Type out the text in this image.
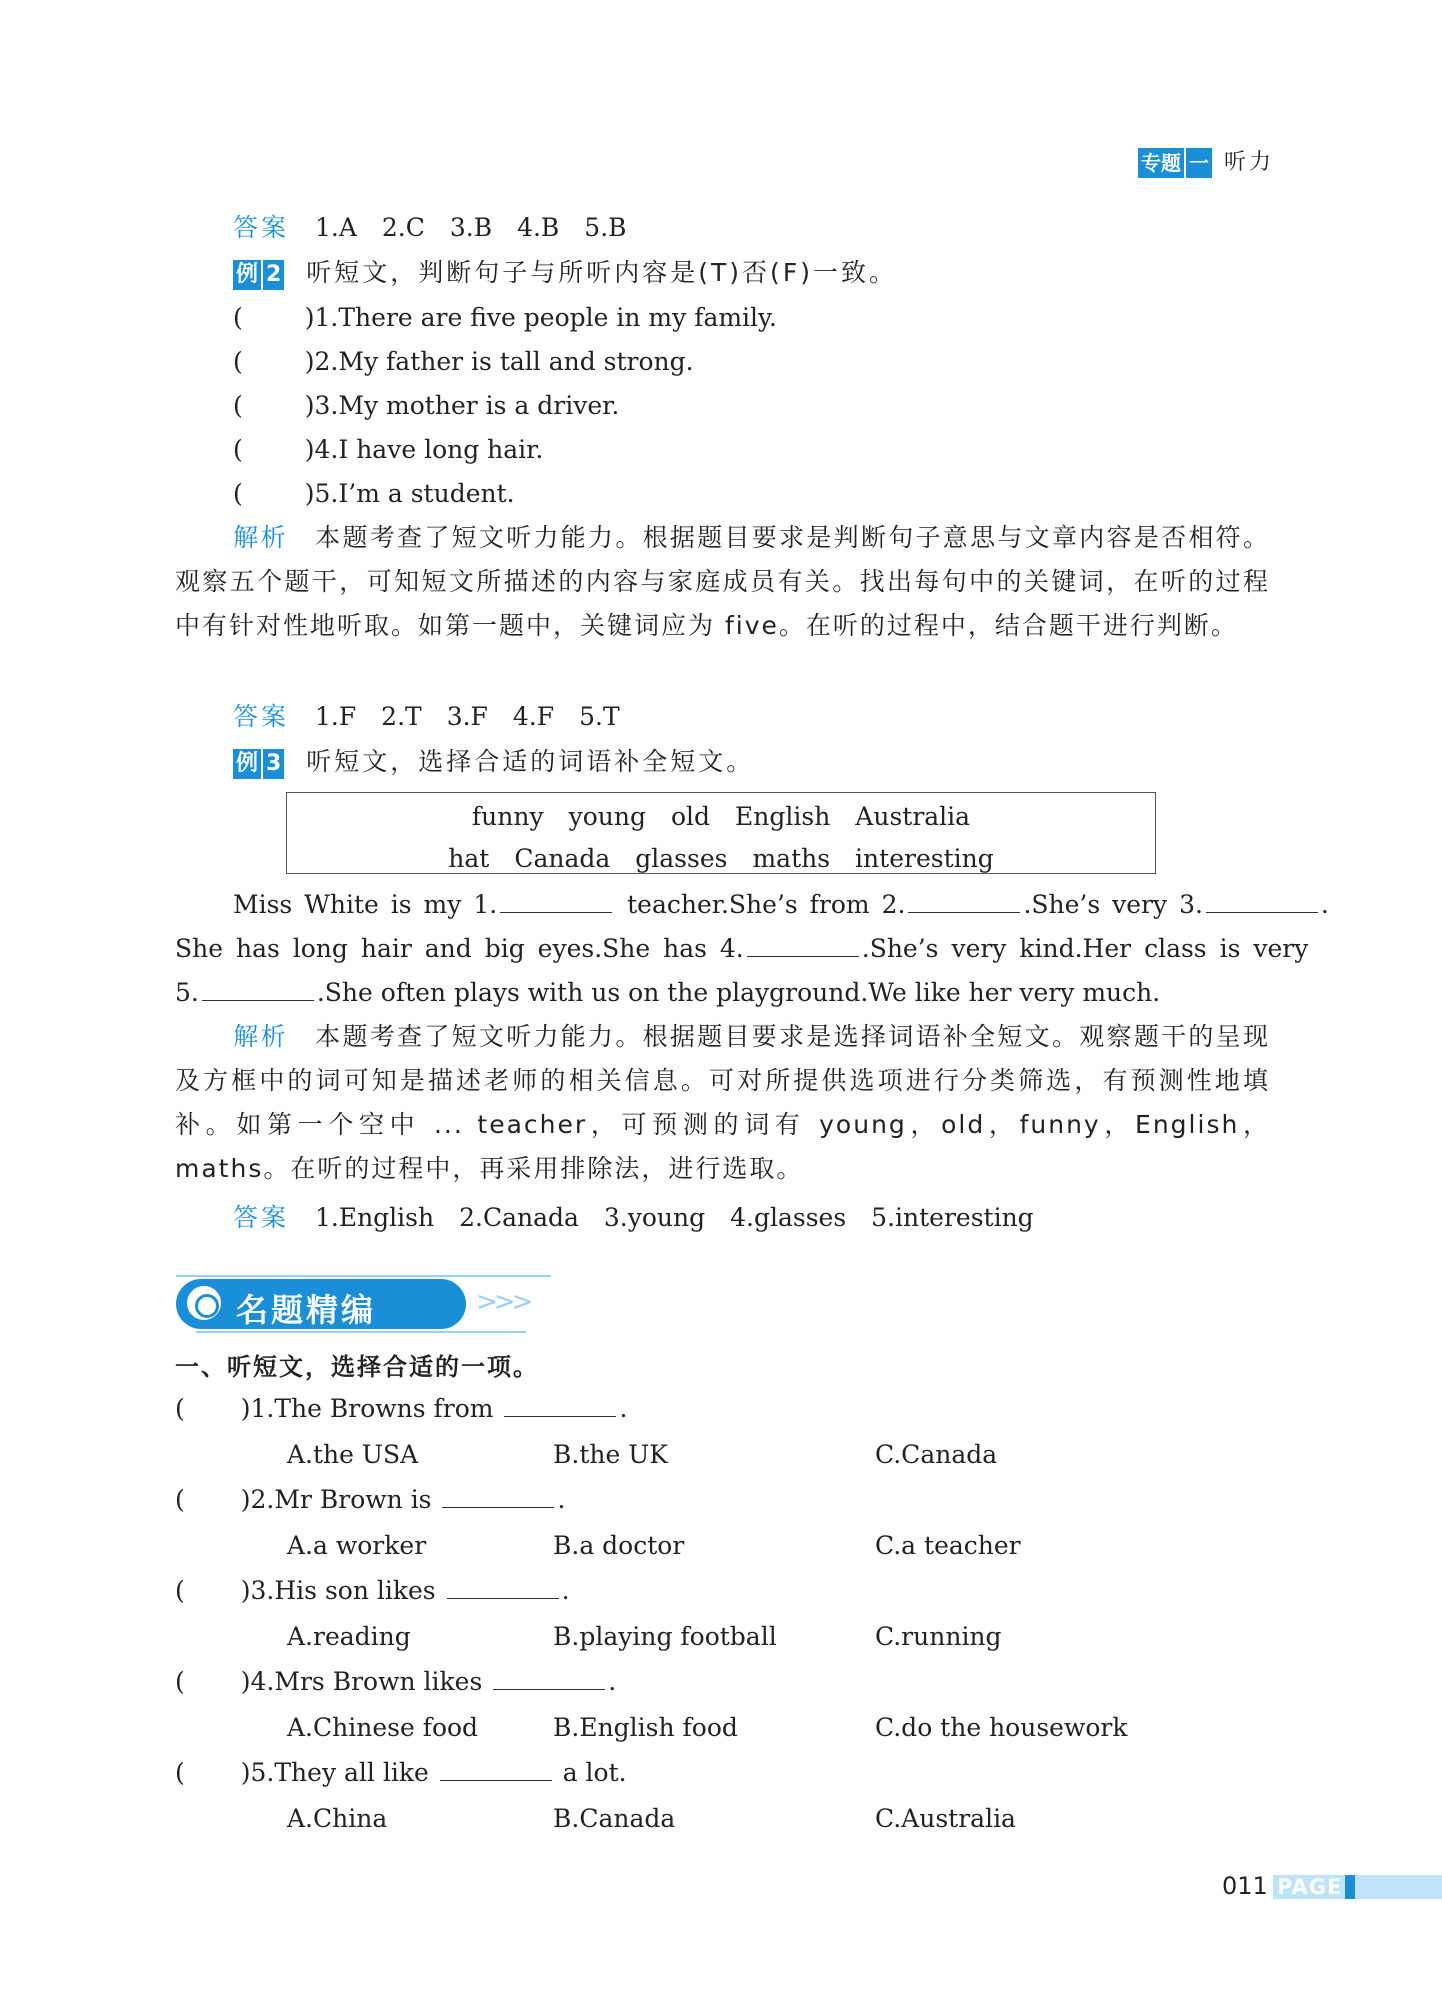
专题 一 听力
答案 1.A　2.C　3.B　4.B　5.B
例 2 听短文，判断句子与所听内容是(T)否(F)一致。
( )1.There are five people in my family.
( )2.My father is tall and strong.
( )3.My mother is a driver.
( )4.I have long hair.
( )5.I’m a student.
解析　 本题考查了短文听力能力。根据题目要求是判断句子意思与文章内容是否相符。观察五个题干，可知短文所描述的内容与家庭成员有关。找出每句中的关键词，在听的过程中有针对性地听取。如第一题中，关键词应为 five。在听的过程中，结合题干进行判断。
答案 1.F　2.T　3.F　4.F　5.T
例 3 听短文，选择合适的词语补全短文。
funny　young　old　English　Australia
hat　Canada　glasses　maths　interesting
Miss White is my 1.	teacher.She’s from 2.	.She’s very 3.	.
She has long hair and big eyes.She has 4.	.She’s very kind.Her class is very
5.	.She often plays with us on the playground.We like her very much.
解析　 本题考查了短文听力能力。根据题目要求是选择词语补全短文。观察题干的呈现及方框中的词可知是描述老师的相关信息。可对所提供选项进行分类筛选，有预测性地填补。如第一个空中 ... teacher，可预测的词有 young，old，funny，English，maths。在听的过程中，再采用排除法，进行选取。
答案 1.English　2.Canada　3.young　4.glasses　5.interesting
名题精编	>>>
一、听短文，选择合适的一项。
( )1.The Browns from	.
A.the USA	B.the UK	C.Canada
( )2.Mr Brown is	.
A.a worker	B.a doctor	C.a teacher
( )3.His son likes	.
A.reading	B.playing football	C.running
( )4.Mrs Brown likes	.
A.Chinese food	B.English food	C.do the housework
( )5.They all like	a lot.
A.China	B.Canada	C.Australia
011 PAGE
